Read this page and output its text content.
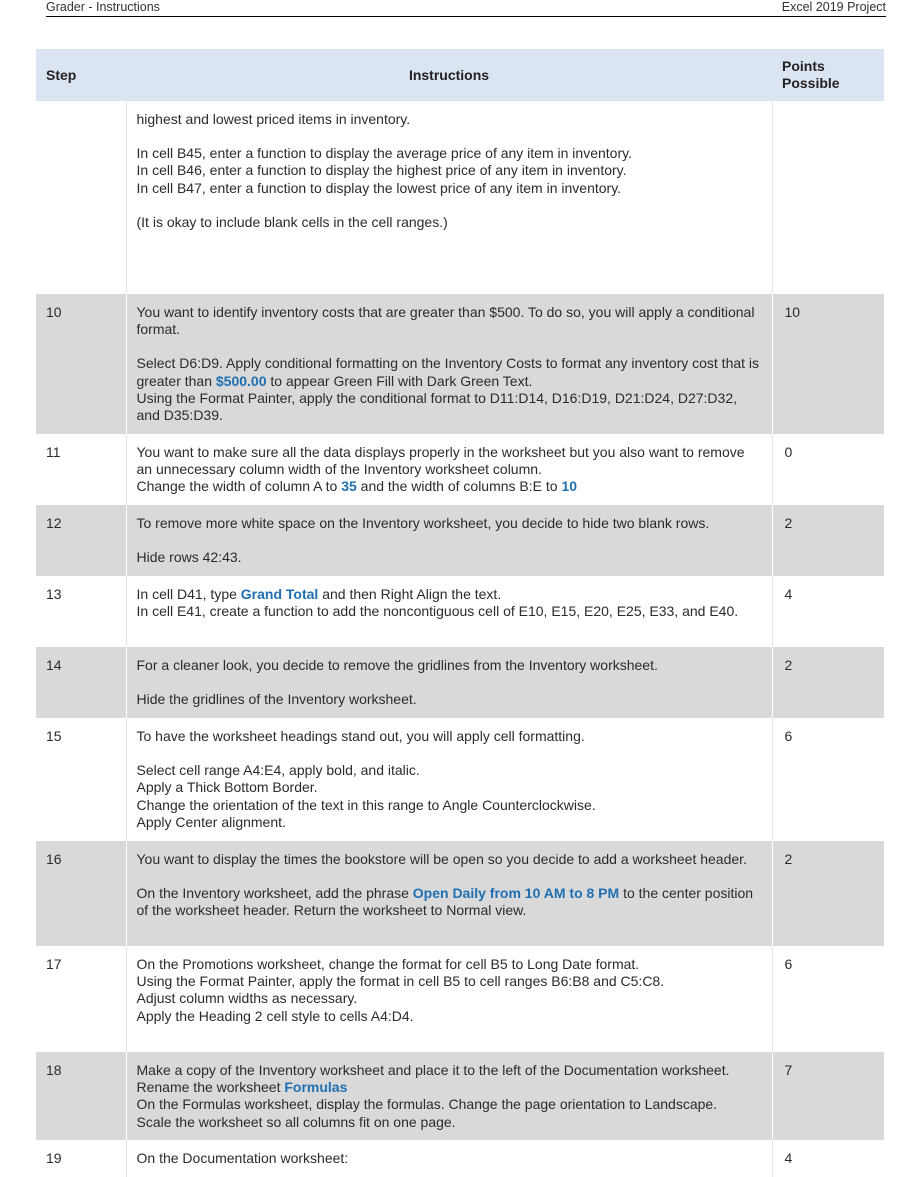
Grader - Instructions	Excel 2019 Project
Step	Instructions	Points Possible

	highest and lowest priced items in inventory.

In cell B45, enter a function to display the average price of any item in inventory.

In cell B46, enter a function to display the highest price of any item in inventory.

In cell B47, enter a function to display the lowest price of any item in inventory.

(It is okay to include blank cells in the cell ranges.)	

10	You want to identify inventory costs that are greater than $500. To do so, you will apply a conditional format.

Select D6:D9. Apply conditional formatting on the Inventory Costs to format any inventory cost that is greater than $500.00 to appear Green Fill with Dark Green Text.

Using the Format Painter, apply the conditional format to D11:D14, D16:D19, D21:D24, D27:D32, and D35:D39.	10
11	You want to make sure all the data displays properly in the worksheet but you also want to remove an unnecessary column width of the Inventory worksheet column.

Change the width of column A to 35 and the width of columns B:E to 10	0
12	To remove more white space on the Inventory worksheet, you decide to hide two blank rows.

Hide rows 42:43.	2
13	In cell D41, type Grand Total and then Right Align the text.

In cell E41, create a function to add the noncontiguous cell of E10, E15, E20, E25, E33, and E40.	4
14	For a cleaner look, you decide to remove the gridlines from the Inventory worksheet.

Hide the gridlines of the Inventory worksheet.	2
15	To have the worksheet headings stand out, you will apply cell formatting.

Select cell range A4:E4, apply bold, and italic.

Apply a Thick Bottom Border.

Change the orientation of the text in this range to Angle Counterclockwise.

Apply Center alignment.	6
16	You want to display the times the bookstore will be open so you decide to add a worksheet header.

On the Inventory worksheet, add the phrase Open Daily from 10 AM to 8 PM to the center position of the worksheet header. Return the worksheet to Normal view.	2
17	On the Promotions worksheet, change the format for cell B5 to Long Date format.

Using the Format Painter, apply the format in cell B5 to cell ranges B6:B8 and C5:C8.

Adjust column widths as necessary.

Apply the Heading 2 cell style to cells A4:D4.	6
18	Make a copy of the Inventory worksheet and place it to the left of the Documentation worksheet. Rename the worksheet Formulas

On the Formulas worksheet, display the formulas. Change the page orientation to Landscape.

Scale the worksheet so all columns fit on one page.	7
19	On the Documentation worksheet:	4
